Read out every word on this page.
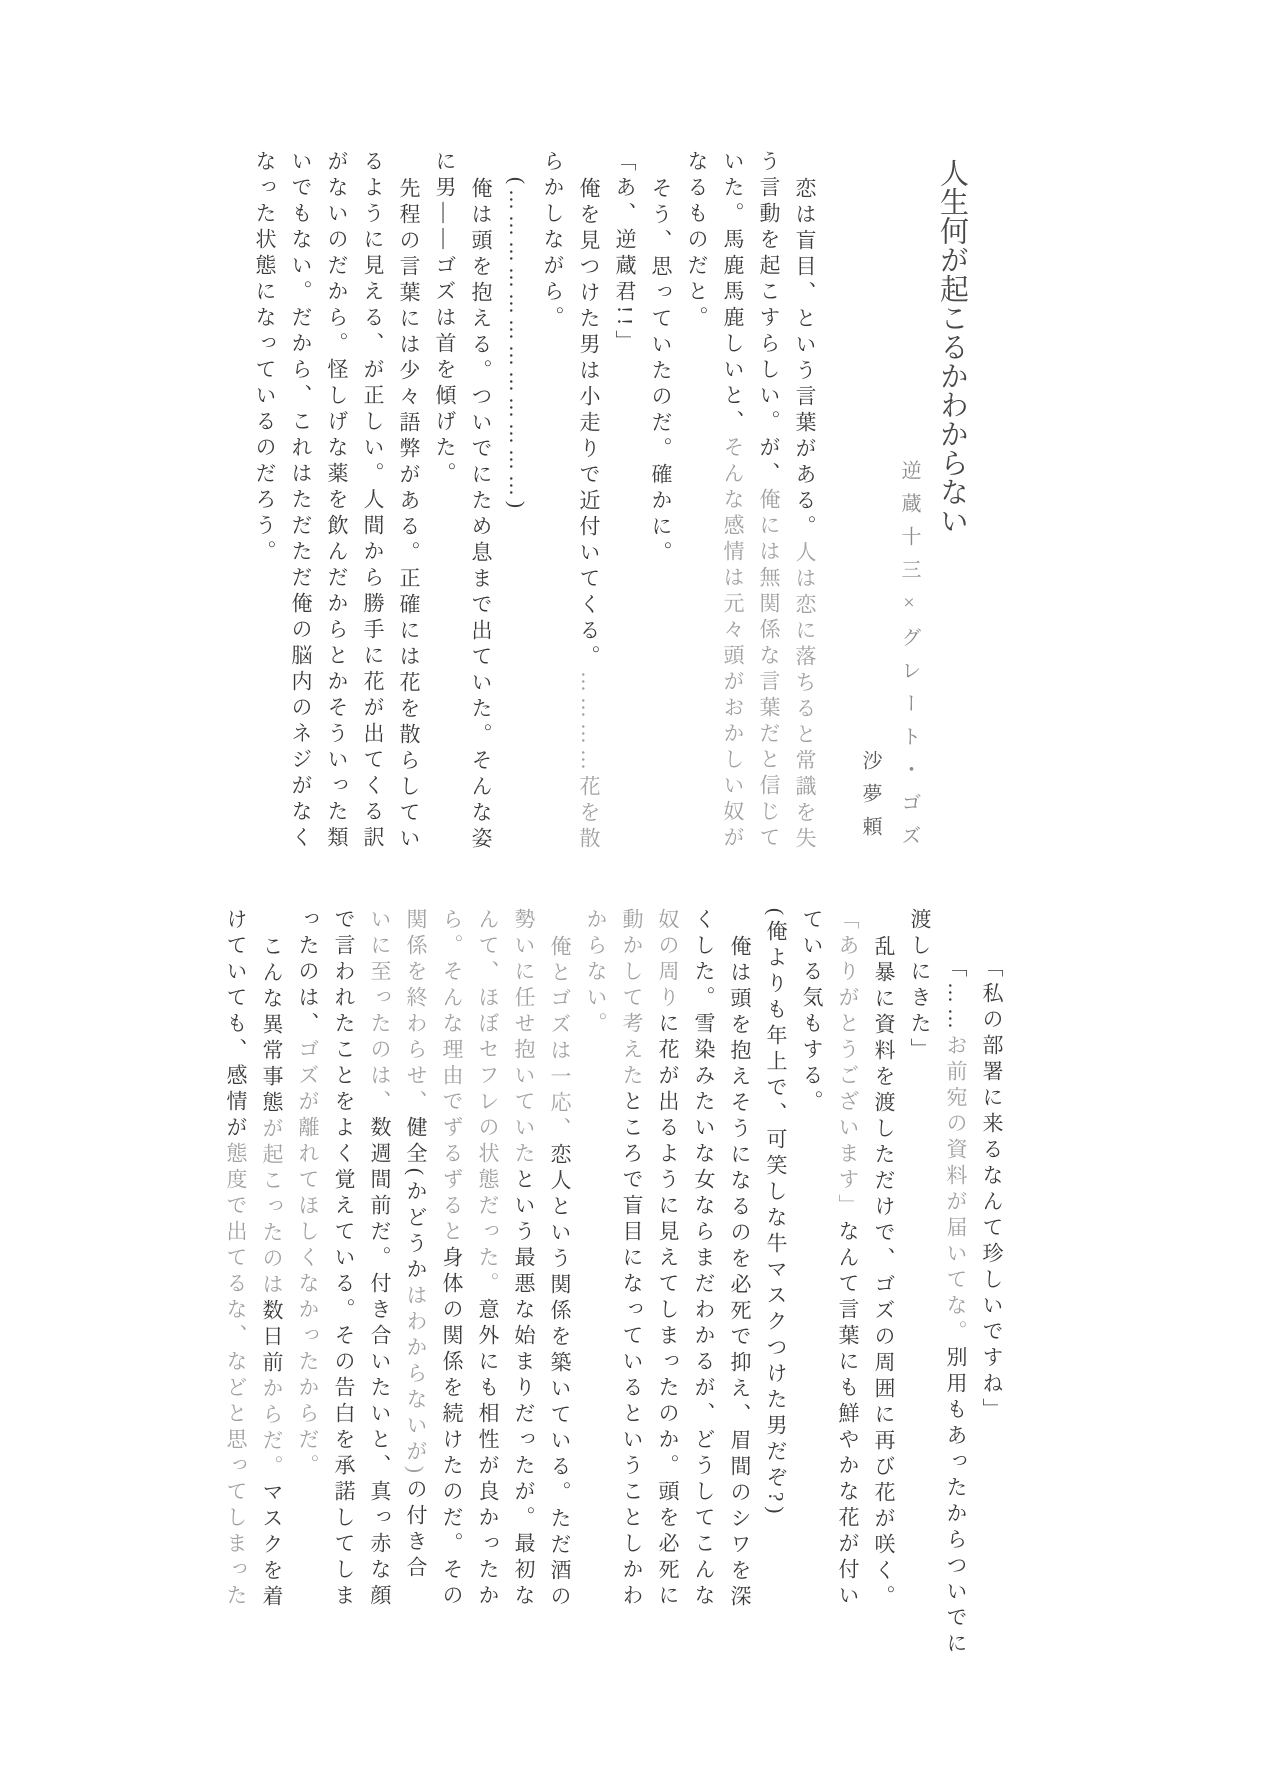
人生何が起こるかわからない
逆蔵十三×グレート・ゴズ
沙夢頼
恋は盲目、という言葉がある。人は恋に落ちると常識を失
う言動を起こすらしい。が、俺には無関係な言葉だと信じて
いた。馬鹿馬鹿しいと、そんな感情は元々頭がおかしい奴が
なるものだと。
そう、思っていたのだ。確かに。
「あ、逆蔵君!!」
俺を見つけた男は小走りで近付いてくる。…………花を散
らかしながら。
(………………………………)
俺は頭を抱える。ついでにため息まで出ていた。そんな姿
に男――ゴズは首を傾げた。
先程の言葉には少々語弊がある。正確には花を散らしてい
るように見える、が正しい。人間から勝手に花が出てくる訳
がないのだから。怪しげな薬を飲んだからとかそういった類
いでもない。だから、これはただただ俺の脳内のネジがなく
なった状態になっているのだろう。
「私の部署に来るなんて珍しいですね」
「……お前宛の資料が届いてな。別用もあったからついでに
渡しにきた」
乱暴に資料を渡しただけで、ゴズの周囲に再び花が咲く。
「ありがとうございます」なんて言葉にも鮮やかな花が付い
ている気もする。
(俺よりも年上で、可笑しな牛マスクつけた男だぞ?)
俺は頭を抱えそうになるのを必死で抑え、眉間のシワを深
くした。雪染みたいな女ならまだわかるが、どうしてこんな
奴の周りに花が出るように見えてしまったのか。頭を必死に
動かして考えたところで盲目になっているということしかわ
からない。
俺とゴズは一応、恋人という関係を築いている。ただ酒の
勢いに任せ抱いていたという最悪な始まりだったが。最初な
んて、ほぼセフレの状態だった。意外にも相性が良かったか
ら。そんな理由でずるずると身体の関係を続けたのだ。その
関係を終わらせ、健全(かどうかはわからないが)の付き合
いに至ったのは、数週間前だ。付き合いたいと、真っ赤な顔
で言われたことをよく覚えている。その告白を承諾してしま
ったのは、ゴズが離れてほしくなかったからだ。
こんな異常事態が起こったのは数日前からだ。マスクを着
けていても、感情が態度で出てるな、などと思ってしまった
